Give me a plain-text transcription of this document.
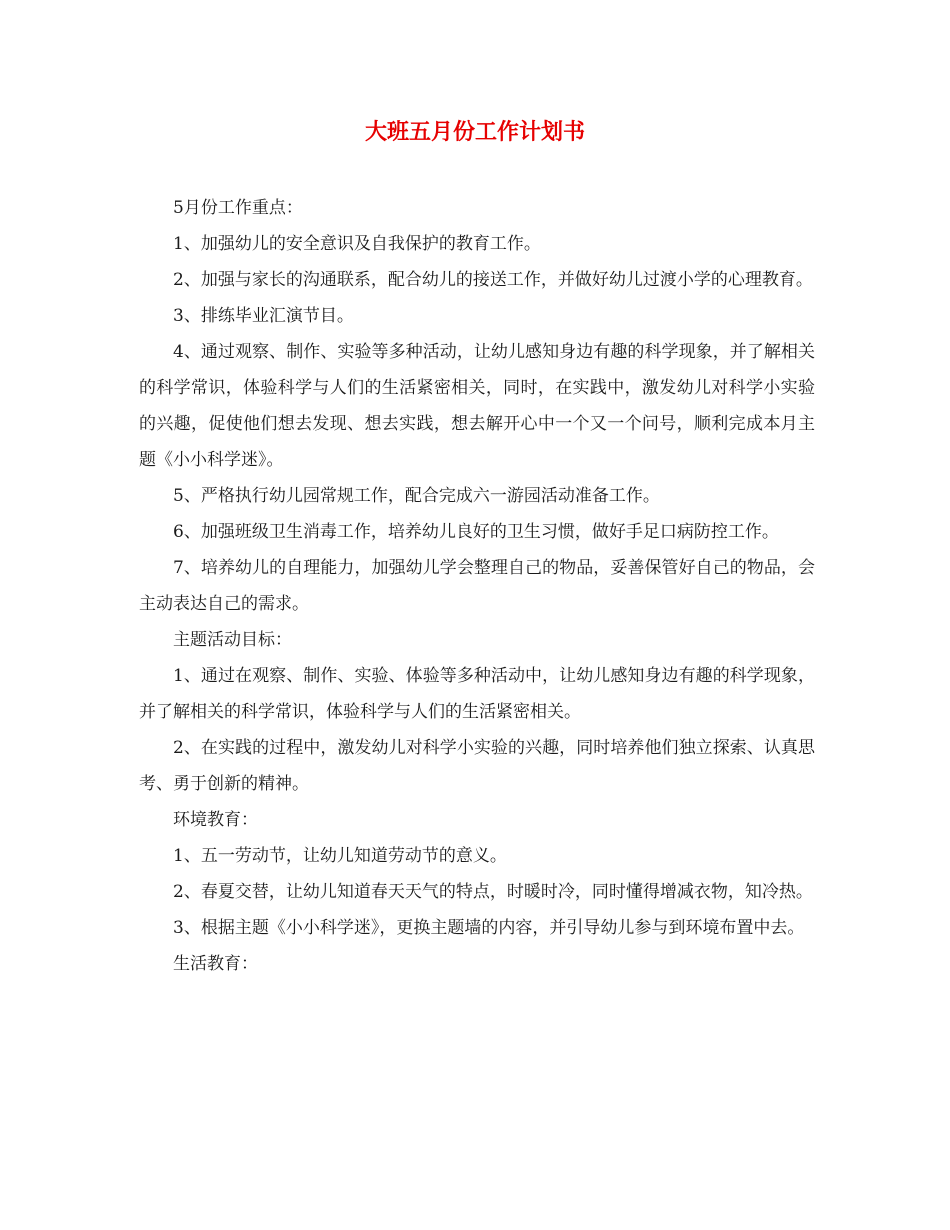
大班五月份工作计划书

5月份工作重点：

1、加强幼儿的安全意识及自我保护的教育工作。

2、加强与家长的沟通联系，配合幼儿的接送工作，并做好幼儿过渡小学的心理教育。

3、排练毕业汇演节目。

4、通过观察、制作、实验等多种活动，让幼儿感知身边有趣的科学现象，并了解相关的科学常识，体验科学与人们的生活紧密相关，同时，在实践中，激发幼儿对科学小实验的兴趣，促使他们想去发现、想去实践，想去解开心中一个又一个问号，顺利完成本月主题《小小科学迷》。

5、严格执行幼儿园常规工作，配合完成六一游园活动准备工作。

6、加强班级卫生消毒工作，培养幼儿良好的卫生习惯，做好手足口病防控工作。

7、培养幼儿的自理能力，加强幼儿学会整理自己的物品，妥善保管好自己的物品，会主动表达自己的需求。

主题活动目标：

1、通过在观察、制作、实验、体验等多种活动中，让幼儿感知身边有趣的科学现象，并了解相关的科学常识，体验科学与人们的生活紧密相关。

2、在实践的过程中，激发幼儿对科学小实验的兴趣，同时培养他们独立探索、认真思考、勇于创新的精神。

环境教育：

1、五一劳动节，让幼儿知道劳动节的意义。

2、春夏交替，让幼儿知道春天天气的特点，时暖时冷，同时懂得增减衣物，知冷热。

3、根据主题《小小科学迷》，更换主题墙的内容，并引导幼儿参与到环境布置中去。

生活教育：
